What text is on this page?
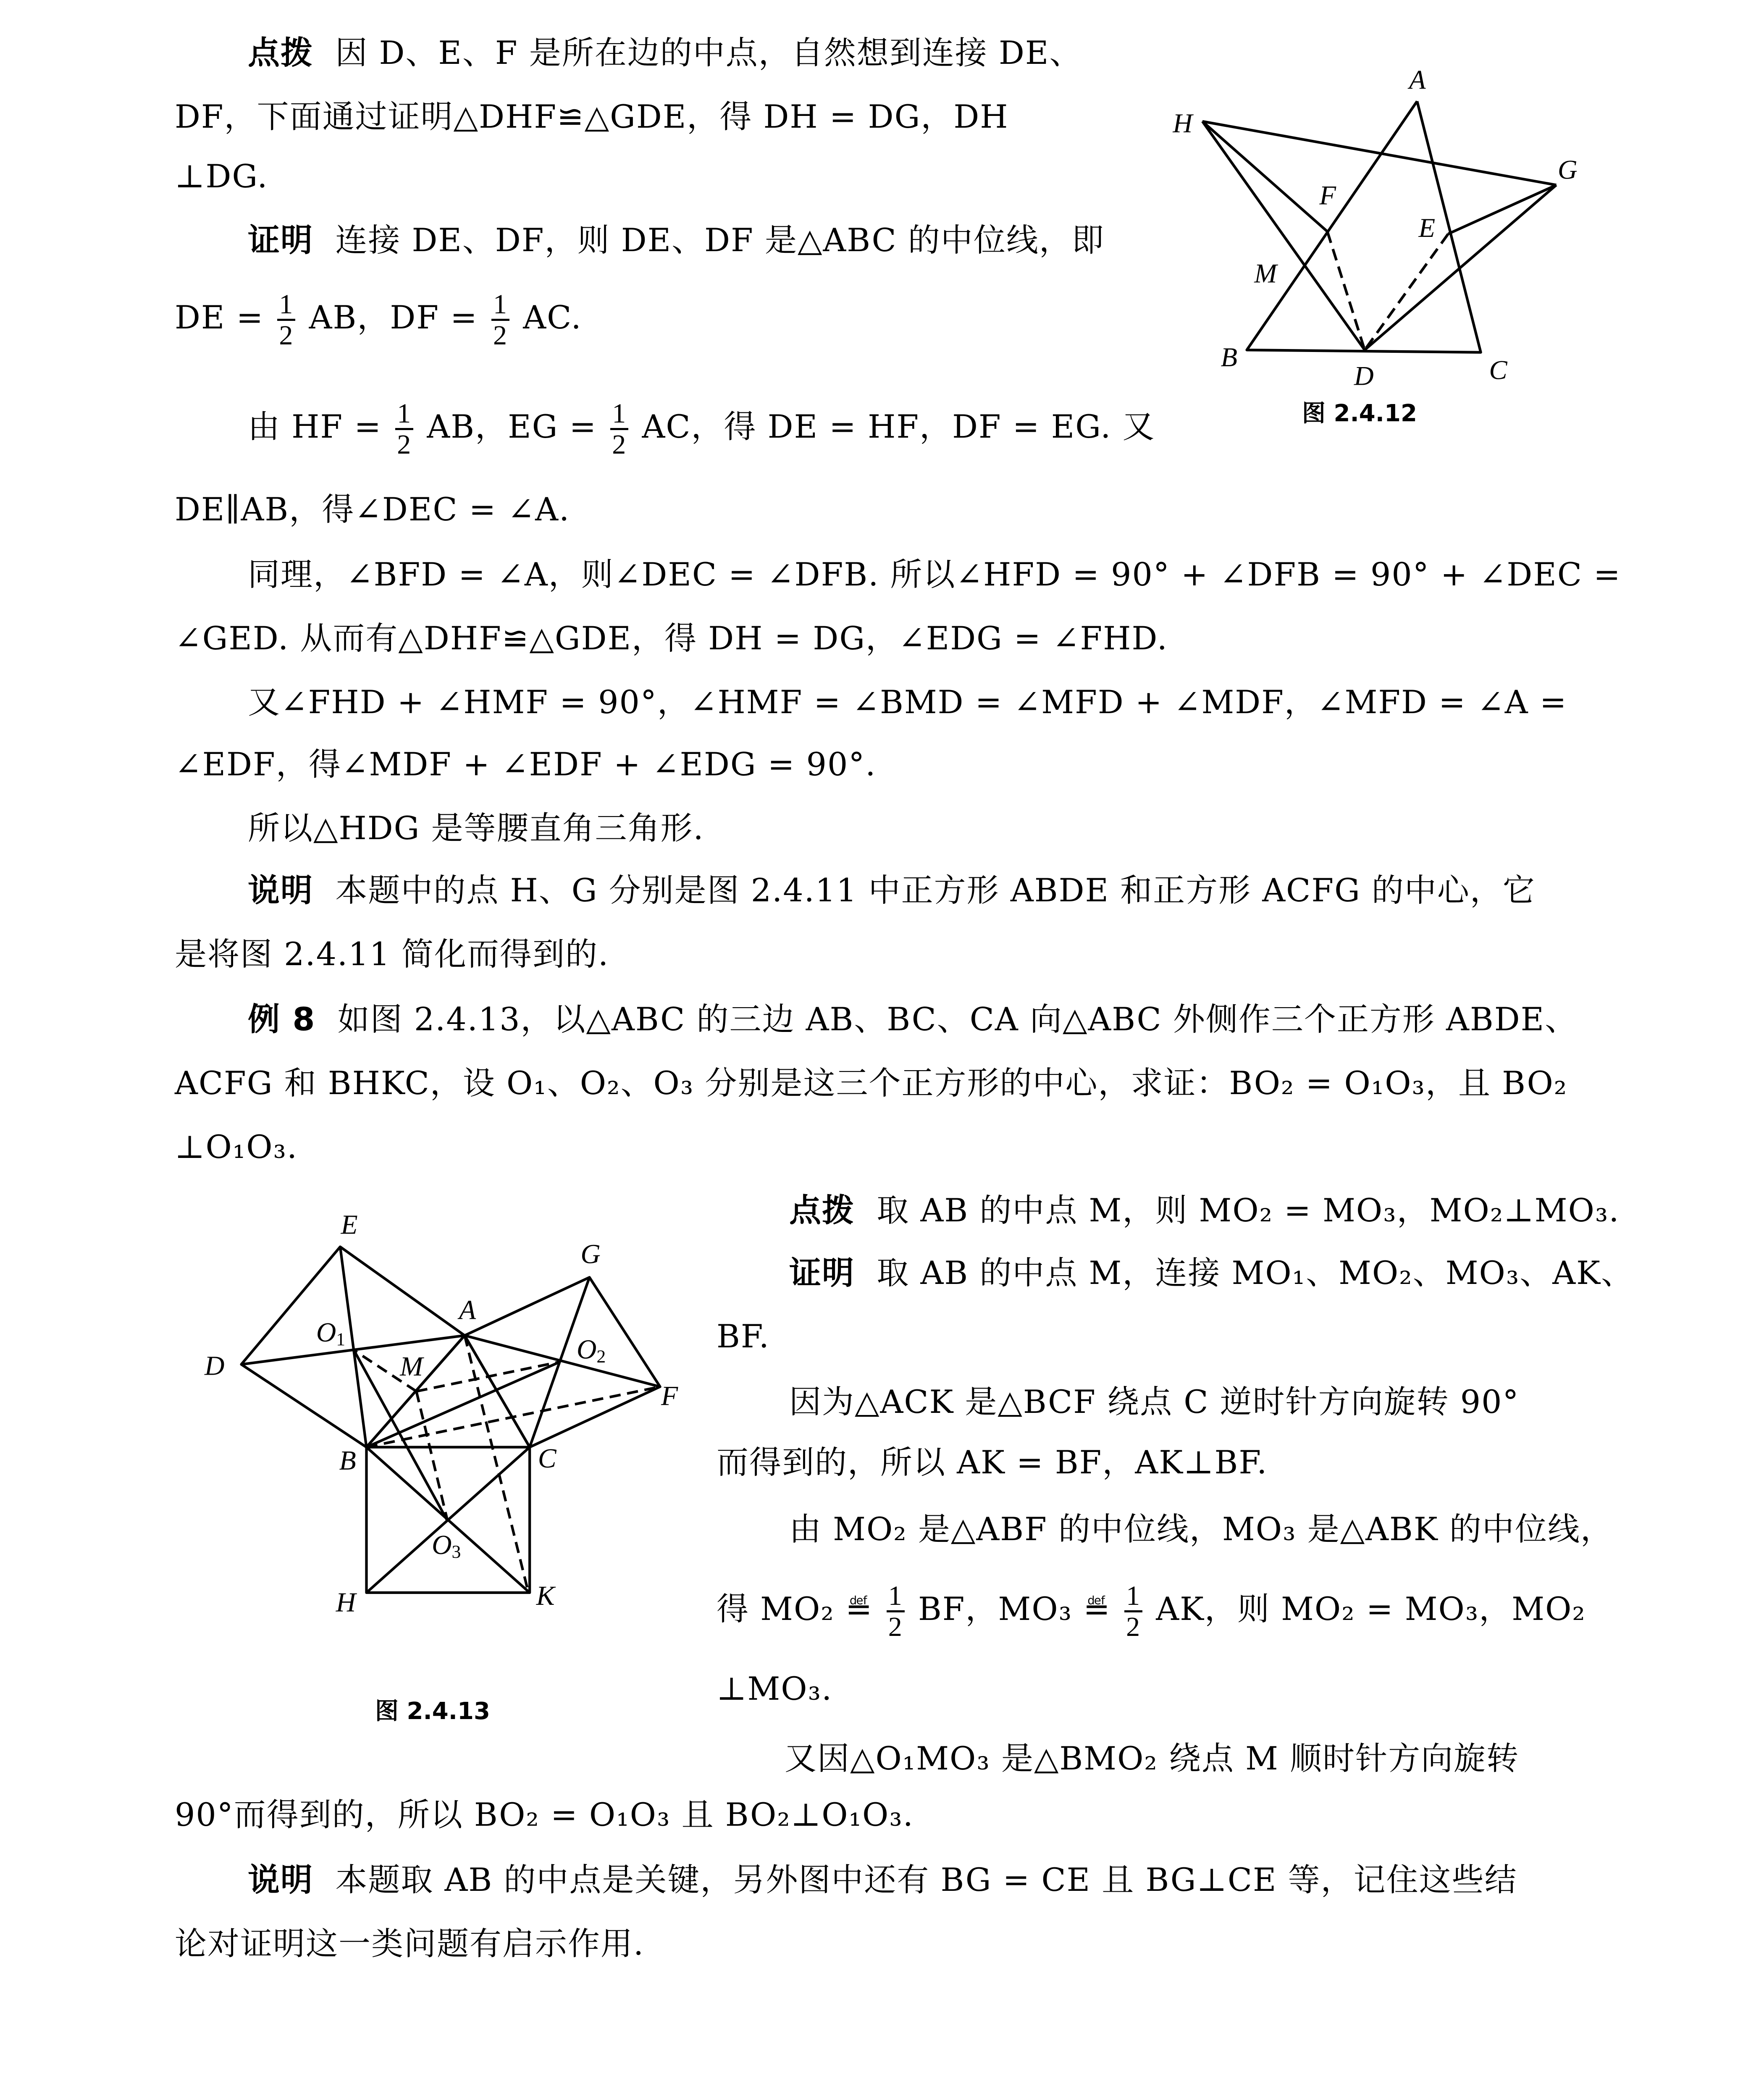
点拨 因 D、E、F 是所在边的中点，自然想到连接 DE、
DF，下面通过证明△DHF≌△GDE，得 DH = DG，DH
⊥DG.
证明 连接 DE、DF，则 DE、DF 是△ABC 的中位线，即
DE = $\frac{1}{2}$ AB，DF = $\frac{1}{2}$ AC.
由 HF = $\frac{1}{2}$ AB，EG = $\frac{1}{2}$ AC，得 DE = HF，DF = EG. 又
DE∥AB，得∠DEC = ∠A.
同理，∠BFD = ∠A，则∠DEC = ∠DFB. 所以∠HFD = 90° + ∠DFB = 90° + ∠DEC =
∠GED. 从而有△DHF≌△GDE，得 DH = DG，∠EDG = ∠FHD.
又∠FHD + ∠HMF = 90°，∠HMF = ∠BMD = ∠MFD + ∠MDF，∠MFD = ∠A =
∠EDF，得∠MDF + ∠EDF + ∠EDG = 90°.
所以△HDG 是等腰直角三角形.
说明 本题中的点 H、G 分别是图 2.4.11 中正方形 ABDE 和正方形 ACFG 的中心，它
是将图 2.4.11 简化而得到的.
例 8 如图 2.4.13，以△ABC 的三边 AB、BC、CA 向△ABC 外侧作三个正方形 ABDE、
ACFG 和 BHKC，设 O₁、O₂、O₃ 分别是这三个正方形的中心，求证：BO₂ = O₁O₃，且 BO₂
⊥O₁O₃.
点拨 取 AB 的中点 M，则 MO₂ = MO₃，MO₂⊥MO₃.
证明 取 AB 的中点 M，连接 MO₁、MO₂、MO₃、AK、
BF.
因为△ACK 是△BCF 绕点 C 逆时针方向旋转 90°
而得到的，所以 AK = BF，AK⊥BF.
由 MO₂ 是△ABF 的中位线，MO₃ 是△ABK 的中位线，
得 MO₂ ≝ $\frac{1}{2}$ BF，MO₃ ≝ $\frac{1}{2}$ AK，则 MO₂ = MO₃，MO₂
⊥MO₃.
又因△O₁MO₃ 是△BMO₂ 绕点 M 顺时针方向旋转
90°而得到的，所以 BO₂ = O₁O₃ 且 BO₂⊥O₁O₃.
说明 本题取 AB 的中点是关键，另外图中还有 BG = CE 且 BG⊥CE 等，记住这些结
论对证明这一类问题有启示作用.
A
H
G
F
E
M
B
D	C
图 2.4.12
E
G
A
O1
D	M
O2
F
B	C
O3
H	K
图 2.4.13
